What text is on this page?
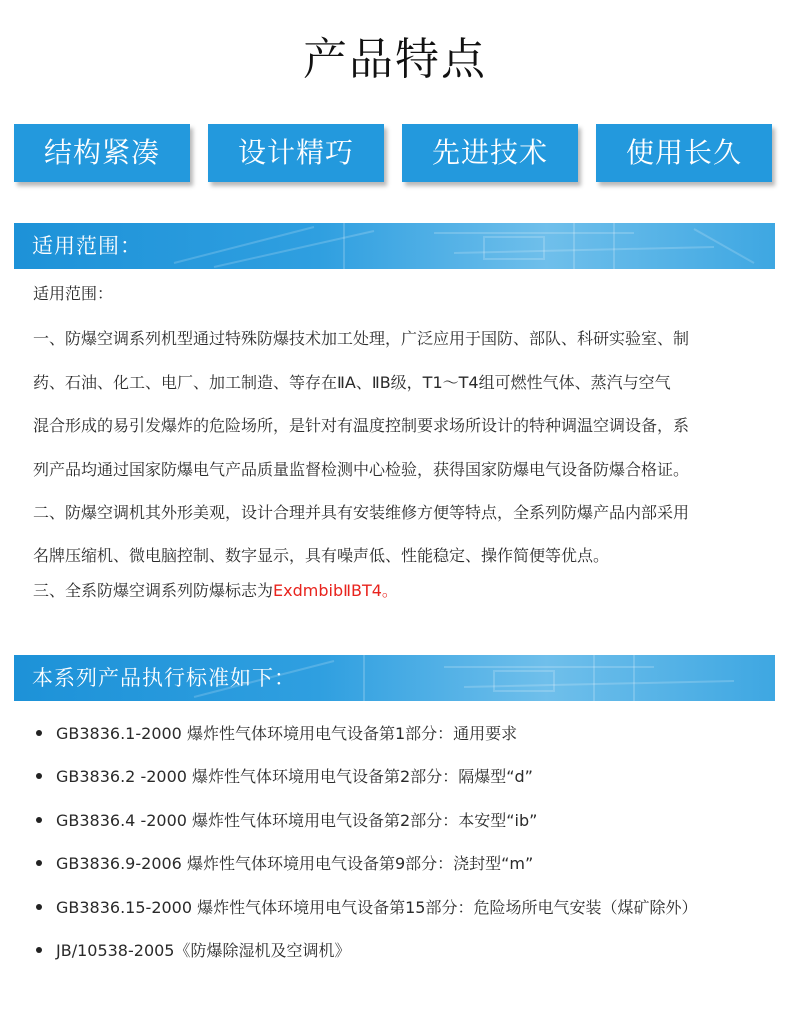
产品特点
结构紧凑	设计精巧	先进技术	使用长久
适用范围：
适用范围：
一、防爆空调系列机型通过特殊防爆技术加工处理，广泛应用于国防、部队、科研实验室、制
药、石油、化工、电厂、加工制造、等存在ⅡA、ⅡB级，T1～T4组可燃性气体、蒸汽与空气
混合形成的易引发爆炸的危险场所，是针对有温度控制要求场所设计的特种调温空调设备，系
列产品均通过国家防爆电气产品质量监督检测中心检验，获得国家防爆电气设备防爆合格证。
二、防爆空调机其外形美观，设计合理并具有安装维修方便等特点，全系列防爆产品内部采用
名牌压缩机、微电脑控制、数字显示，具有噪声低、性能稳定、操作简便等优点。
三、全系防爆空调系列防爆标志为ExdmbibⅡBT4。
本系列产品执行标准如下：
GB3836.1-2000 爆炸性气体环境用电气设备第1部分：通用要求
GB3836.2 -2000 爆炸性气体环境用电气设备第2部分：隔爆型“d”
GB3836.4 -2000 爆炸性气体环境用电气设备第2部分：本安型“ib”
GB3836.9-2006 爆炸性气体环境用电气设备第9部分：浇封型“m”
GB3836.15-2000 爆炸性气体环境用电气设备第15部分：危险场所电气安装（煤矿除外）
JB/10538-2005《防爆除湿机及空调机》
